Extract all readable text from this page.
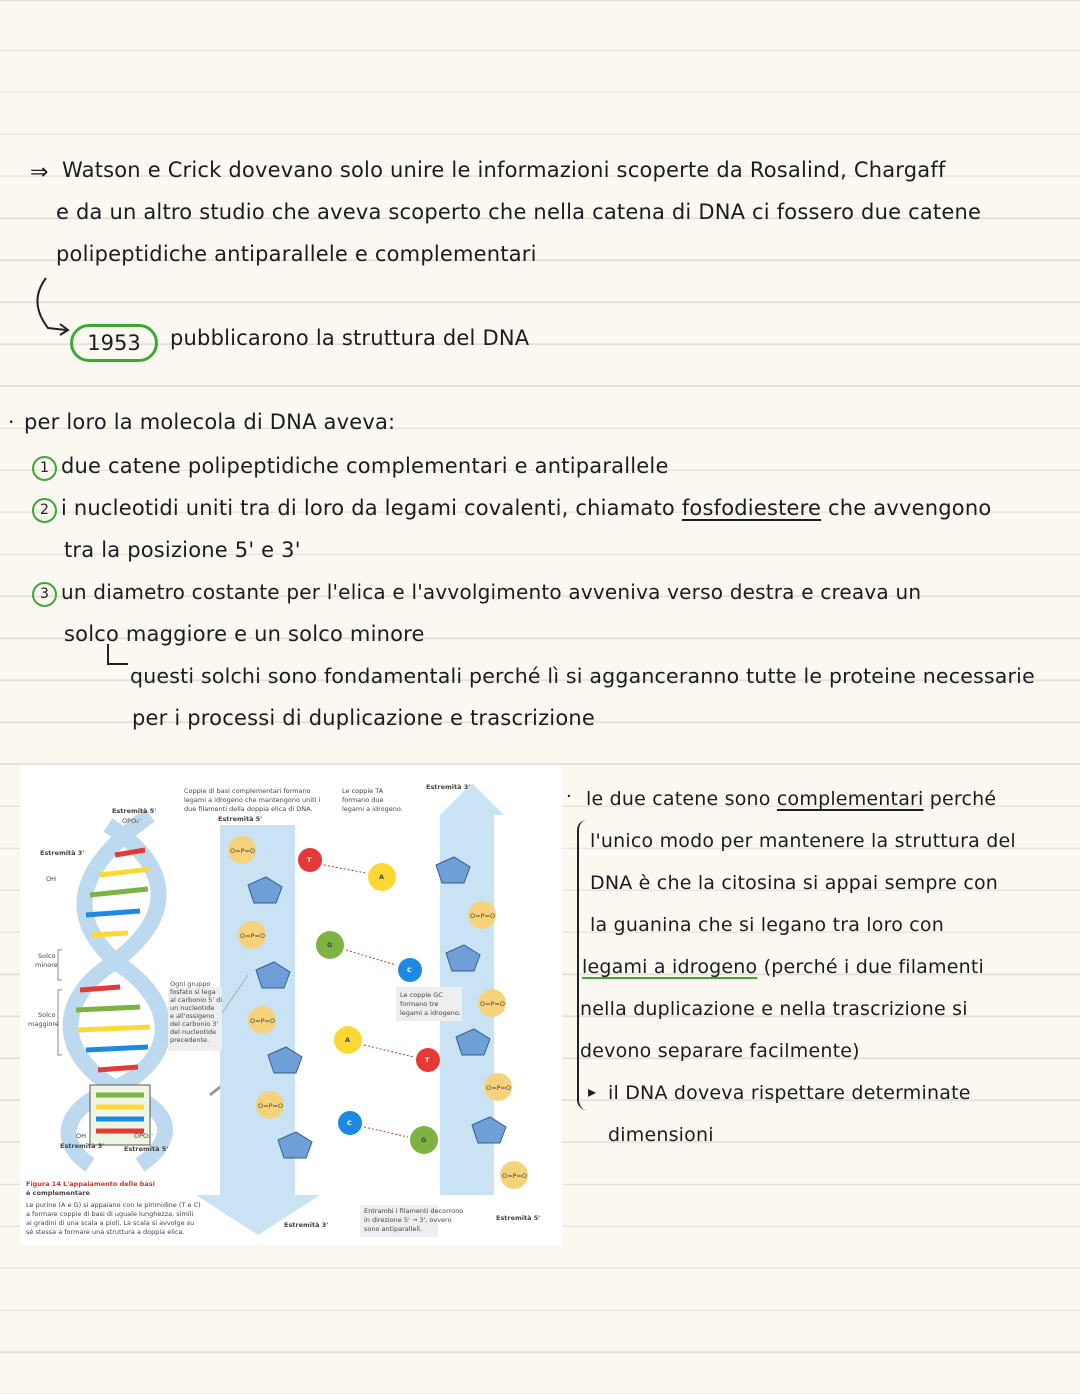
⇒ Watson e Crick dovevano solo unire le informazioni scoperte da Rosalind, Chargaff
e da un altro studio che aveva scoperto che nella catena di DNA ci fossero due catene
polipeptidiche antiparallele e complementari
1953	pubblicarono la struttura del DNA
· per loro la molecola di DNA aveva:
1 due catene polipeptidiche complementari e antiparallele
2 i nucleotidi uniti tra di loro da legami covalenti, chiamato fosfodiestere che avvengono
tra la posizione 5' e 3'
3 un diametro costante per l'elica e l'avvolgimento avveniva verso destra e creava un
solco maggiore e un solco minore
questi solchi sono fondamentali perché lì si agganceranno tutte le proteine necessarie
per i processi di duplicazione e trascrizione
T
A
G
C
A
T
C
G
O=P=O
O=P=O
O=P=O
O=P=O
O=P=O
O=P=O
O=P=O
O=P=O
Estremità 5'
OPO₃⁻
Estremità 3'
OH
Solco
minore
Solco
maggiore
OH
Estremità 3'
OPO₃⁻
Estremità 5'
Coppie di basi complementari formano
legami a idrogeno che mantengono uniti i
due filamenti della doppia elica di DNA.
Estremità 5'
Le coppie TA
formano due
legami a idrogeno.
Estremità 3'
Ogni gruppo
fosfato si lega
al carbonio 5' di
un nucleotide
e all'ossigeno
del carbonio 3'
del nucleotide
precedente.
Le coppie GC
formano tre
legami a idrogeno.
Estremità 3'
Entrambi i filamenti decorrono
in direzione 5' → 3', ovvero
sono antiparalleli.
Estremità 5'
Figura 14 L'appaiamento delle basi
è complementare
Le purine (A e G) si appaiano con le pirimidine (T e C)
a formare coppie di basi di uguale lunghezza, simili
ai gradini di una scala a pioli. La scala si avvolge su
sé stessa a formare una struttura a doppia elica.
· le due catene sono complementari perché
l'unico modo per mantenere la struttura del
DNA è che la citosina si appai sempre con
la guanina che si legano tra loro con
legami a idrogeno (perché i due filamenti
nella duplicazione e nella trascrizione si
devono separare facilmente)
▸ il DNA doveva rispettare determinate
dimensioni
